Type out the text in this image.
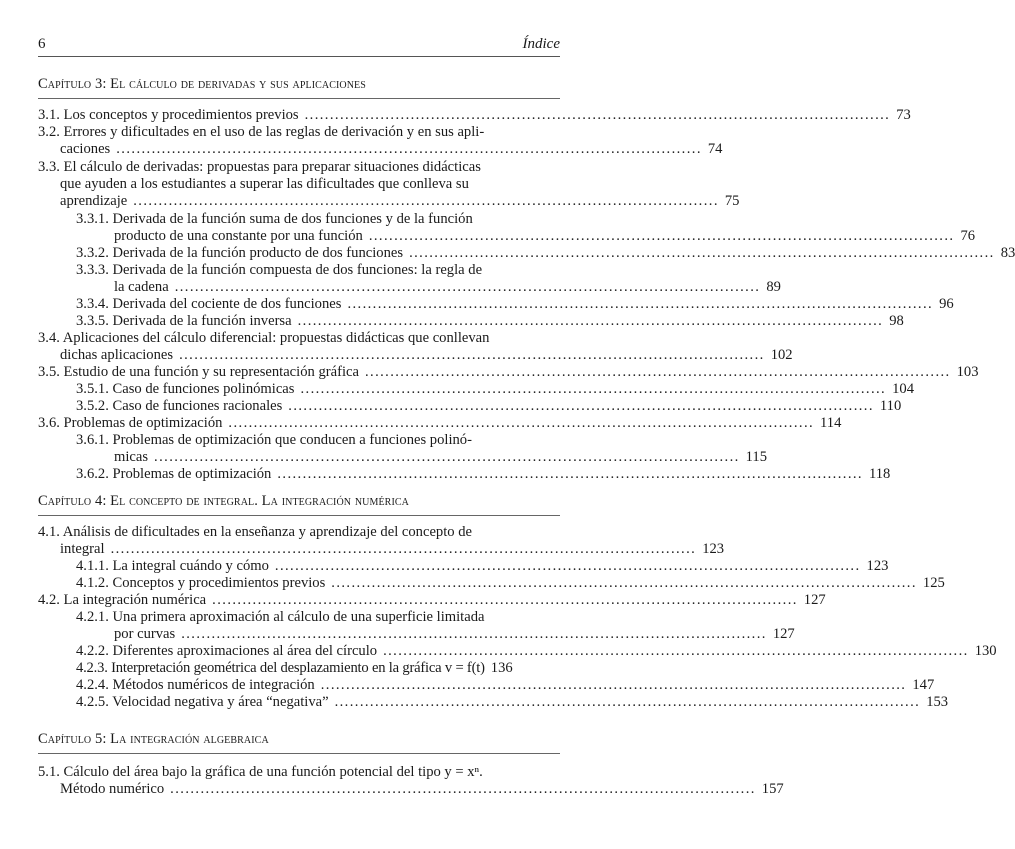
6	Índice
Capítulo 3: El cálculo de derivadas y sus aplicaciones
3.1. Los conceptos y procedimientos previos .................................................................................................................... 73
3.2. Errores y dificultades en el uso de las reglas de derivación y en sus apli-
caciones .................................................................................................................... 74
3.3. El cálculo de derivadas: propuestas para preparar situaciones didácticas
que ayuden a los estudiantes a superar las dificultades que conlleva su
aprendizaje .................................................................................................................... 75
3.3.1. Derivada de la función suma de dos funciones y de la función
producto de una constante por una función .................................................................................................................... 76
3.3.2. Derivada de la función producto de dos funciones .................................................................................................................... 83
3.3.3. Derivada de la función compuesta de dos funciones: la regla de
la cadena .................................................................................................................... 89
3.3.4. Derivada del cociente de dos funciones .................................................................................................................... 96
3.3.5. Derivada de la función inversa .................................................................................................................... 98
3.4. Aplicaciones del cálculo diferencial: propuestas didácticas que conllevan
dichas aplicaciones .................................................................................................................... 102
3.5. Estudio de una función y su representación gráfica .................................................................................................................... 103
3.5.1. Caso de funciones polinómicas .................................................................................................................... 104
3.5.2. Caso de funciones racionales .................................................................................................................... 110
3.6. Problemas de optimización .................................................................................................................... 114
3.6.1. Problemas de optimización que conducen a funciones polinó-
micas .................................................................................................................... 115
3.6.2. Problemas de optimización .................................................................................................................... 118
Capítulo 4: El concepto de integral. La integración numérica
4.1. Análisis de dificultades en la enseñanza y aprendizaje del concepto de
integral .................................................................................................................... 123
4.1.1. La integral cuándo y cómo .................................................................................................................... 123
4.1.2. Conceptos y procedimientos previos .................................................................................................................... 125
4.2. La integración numérica .................................................................................................................... 127
4.2.1. Una primera aproximación al cálculo de una superficie limitada
por curvas .................................................................................................................... 127
4.2.2. Diferentes aproximaciones al área del círculo .................................................................................................................... 130
4.2.3. Interpretación geométrica del desplazamiento en la gráfica v = f(t) 136
4.2.4. Métodos numéricos de integración .................................................................................................................... 147
4.2.5. Velocidad negativa y área “negativa” .................................................................................................................... 153
Capítulo 5: La integración algebraica
5.1. Cálculo del área bajo la gráfica de una función potencial del tipo y = xⁿ.
Método numérico .................................................................................................................... 157
